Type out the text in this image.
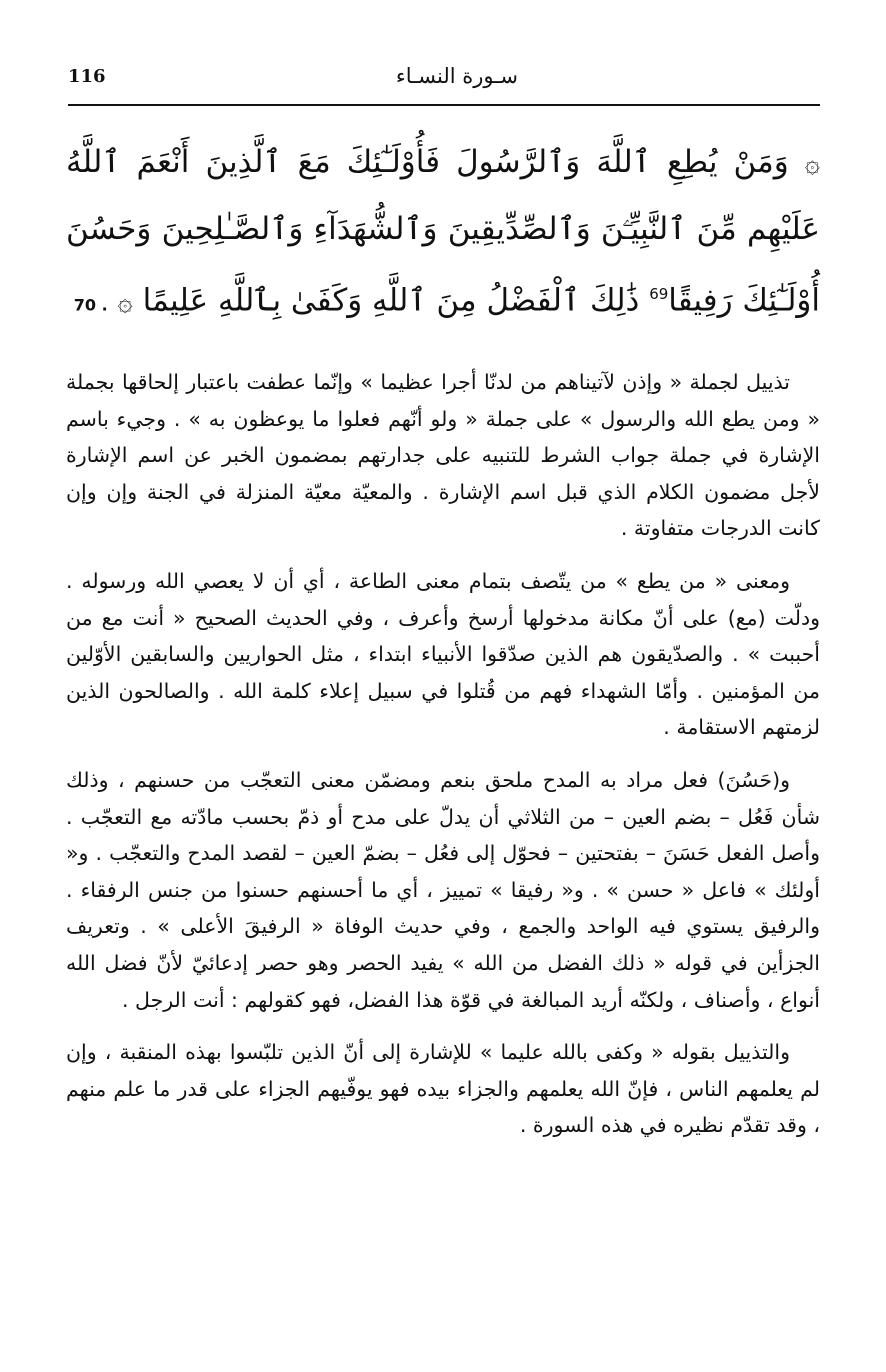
سـورة النسـاء
116
۞ وَمَنْ يُطِعِ ٱللَّهَ وَٱلرَّسُولَ فَأُوْلَـٰٓئِكَ مَعَ ٱلَّذِينَ أَنْعَمَ ٱللَّهُ عَلَيْهِم مِّنَ ٱلنَّبِيِّـۧنَ وَٱلصِّدِّيقِينَ وَٱلشُّهَدَآءِ وَٱلصَّـٰلِحِينَ وَحَسُنَ أُوْلَـٰٓئِكَ رَفِيقًا$^{69}$ ذَٰلِكَ ٱلْفَضْلُ مِنَ ٱللَّهِ وَكَفَىٰ بِٱللَّهِ عَلِيمًا ۞ . 70

تذييل لجملة « وإذن لآتيناهم من لدنّا أجرا عظيما » وإنّما عطفت باعتبار إلحاقها بجملة « ومن يطع الله والرسول » على جملة « ولو أنّهم فعلوا ما يوعظون به » . وجيء باسم الإشارة في جملة جواب الشرط للتنبيه على جدارتهم بمضمون الخبر عن اسم الإشارة لأجل مضمون الكلام الذي قبل اسم الإشارة . والمعيّة معيّة المنزلة في الجنة وإن وإن كانت الدرجات متفاوتة .

ومعنى « من يطع » من يتّصف بتمام معنى الطاعة ، أي أن لا يعصي الله ورسوله . ودلّت (مع) على أنّ مكانة مدخولها أرسخ وأعرف ، وفي الحديث الصحيح « أنت مع من أحببت » . والصدّيقون هم الذين صدّقوا الأنبياء ابتداء ، مثل الحواريين والسابقين الأوّلين من المؤمنين . وأمّا الشهداء فهم من قُتلوا في سبيل إعلاء كلمة الله . والصالحون الذين لزمتهم الاستقامة .

و(حَسُنَ) فعل مراد به المدح ملحق بنعم ومضمّن معنى التعجّب من حسنهم ، وذلك شأن فَعُل – بضم العين – من الثلاثي أن يدلّ على مدح أو ذمّ بحسب مادّته مع التعجّب . وأصل الفعل حَسَنَ – بفتحتين – فحوّل إلى فعُل – بضمّ العين – لقصد المدح والتعجّب . و« أولئك » فاعل « حسن » . و« رفيقا » تمييز ، أي ما أحسنهم حسنوا من جنس الرفقاء . والرفيق يستوي فيه الواحد والجمع ، وفي حديث الوفاة « الرفيقَ الأعلى » . وتعريف الجزأين في قوله « ذلك الفضل من الله » يفيد الحصر وهو حصر إدعائيّ لأنّ فضل الله أنواع ، وأصناف ، ولكنّه أريد المبالغة في قوّة هذا الفضل، فهو كقولهم : أنت الرجل .

والتذييل بقوله « وكفى بالله عليما » للإشارة إلى أنّ الذين تلبّسوا بهذه المنقبة ، وإن لم يعلمهم الناس ، فإنّ الله يعلمهم والجزاء بيده فهو يوفّيهم الجزاء على قدر ما علم منهم ، وقد تقدّم نظيره في هذه السورة .
